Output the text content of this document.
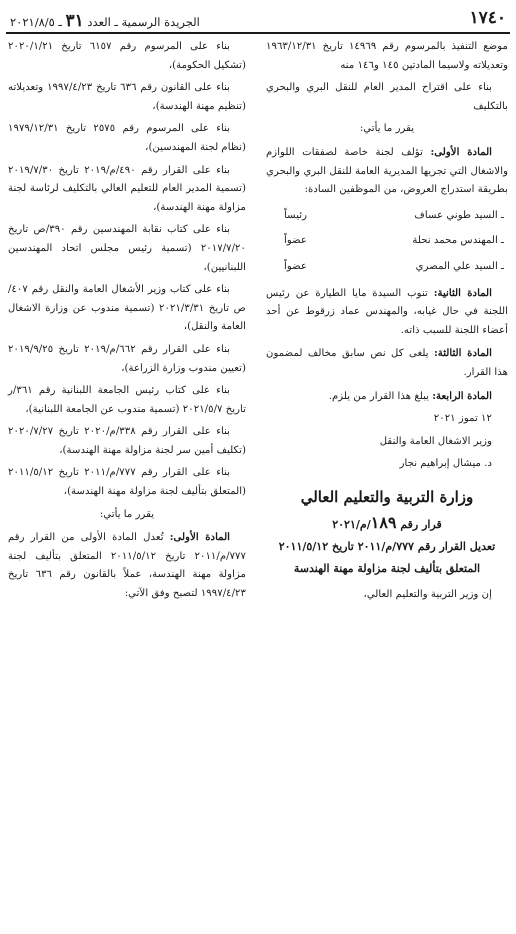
١٧٤٠
الجريدة الرسمية ـ العدد ٣١ ـ ٢٠٢١/٨/٥

موضع التنفيذ بالمرسوم رقم ١٤٩٦٩ تاريخ ١٩٦٣/١٢/٣١ وتعديلاته ولاسيما المادتين ١٤٥ و١٤٦ منه

بناء على اقتراح المدير العام للنقل البري والبحري بالتكليف

يقرر ما يأتي:

المادة الأولى: تؤلف لجنة خاصة لصفقات اللوازم والاشغال التي تجريها المديرية العامة للنقل البري والبحري بطريقة استدراج العروض، من الموظفين السادة:

ـ السيد طوني عساف
رئيساً
ـ المهندس محمد نحلة
عضواً
ـ السيد علي المصري
عضواً

المادة الثانية: تنوب السيدة مايا الطيارة عن رئيس اللجنة في حال غيابه، والمهندس عماد زرقوط عن أحد أعضاء اللجنة للسبب ذاته.

المادة الثالثة: يلغى كل نص سابق مخالف لمضمون هذا القرار.

المادة الرابعة: يبلغ هذا القرار من يلزم.

١٢ تموز ٢٠٢١

وزير الاشغال العامة والنقل

د. ميشال إبراهيم نجار

وزارة التربية والتعليم العالي

قرار رقم ١٨٩/م/٢٠٢١

تعديل القرار رقم ٧٧٧/م/٢٠١١ تاريخ ٢٠١١/٥/١٢

المتعلق بتأليف لجنة مزاولة مهنة الهندسة

إن وزير التربية والتعليم العالي،

بناء على المرسوم رقم ٦١٥٧ تاريخ ٢٠٢٠/١/٢١ (تشكيل الحكومة)،

بناء على القانون رقم ٦٣٦ تاريخ ١٩٩٧/٤/٢٣ وتعديلاته (تنظيم مهنة الهندسة)،

بناء على المرسوم رقم ٢٥٧٥ تاريخ ١٩٧٩/١٢/٣١ (نظام لجنة المهندسين)،

بناء على القرار رقم ٤٩٠/م/٢٠١٩ تاريخ ٢٠١٩/٧/٣٠ (تسمية المدير العام للتعليم العالي بالتكليف لرئاسة لجنة مزاولة مهنة الهندسة)،

بناء على كتاب نقابة المهندسين رقم ٣٩٠/ص تاريخ ٢٠١٧/٧/٢٠ (تسمية رئيس مجلس اتحاد المهندسين اللبنانيين)،

بناء على كتاب وزير الأشغال العامة والنقل رقم ٤٠٧/ص تاريخ ٢٠٢١/٣/٣١ (تسمية مندوب عن وزارة الاشغال العامة والنقل)،

بناء على القرار رقم ٦٦٢/م/٢٠١٩ تاريخ ٢٠١٩/٩/٢٥ (تعيين مندوب وزارة الزراعة)،

بناء على كتاب رئيس الجامعة اللبنانية رقم ٣٦١/ر تاريخ ٢٠٢١/٥/٧ (تسمية مندوب عن الجامعة اللبنانية)،

بناء على القرار رقم ٣٣٨/م/٢٠٢٠ تاريخ ٢٠٢٠/٧/٢٧ (تكليف أمين سر لجنة مزاولة مهنة الهندسة)،

بناء على القرار رقم ٧٧٧/م/٢٠١١ تاريخ ٢٠١١/٥/١٢ (المتعلق بتأليف لجنة مزاولة مهنة الهندسة)،

يقرر ما يأتي:

المادة الأولى: تُعدل المادة الأولى من القرار رقم ٧٧٧/م/٢٠١١ تاريخ ٢٠١١/٥/١٢ المتعلق بتأليف لجنة مزاولة مهنة الهندسة، عملاً بالقانون رقم ٦٣٦ تاريخ ١٩٩٧/٤/٢٣ لتصبح وفق الآتي:
